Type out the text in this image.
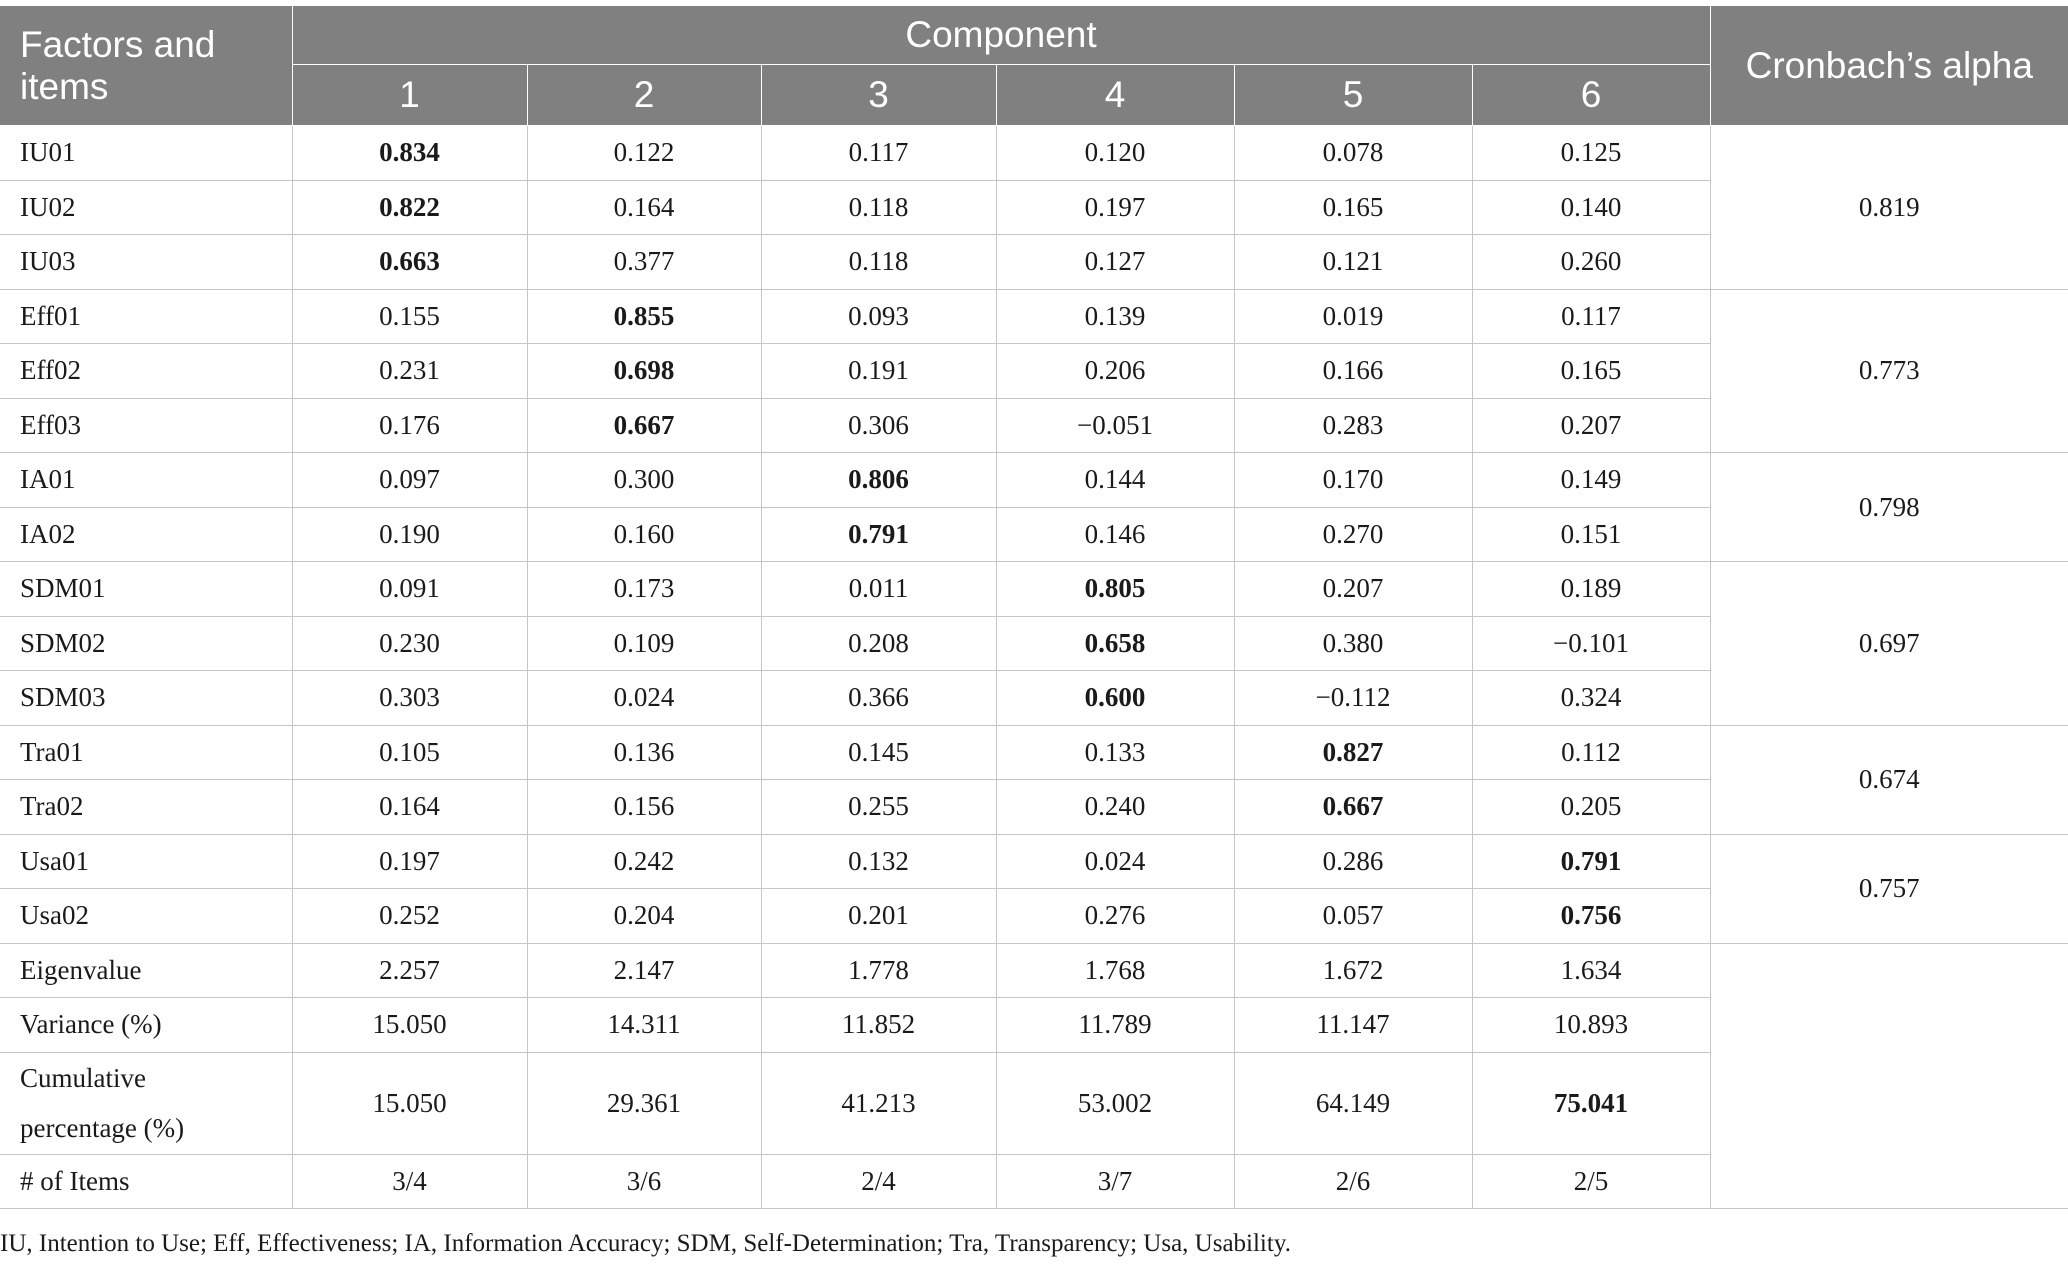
Factors and items	Component						Cronbach’s alpha
	1	2	3	4	5	6	
IU01	0.834	0.122	0.117	0.120	0.078	0.125	0.819
IU02	0.822	0.164	0.118	0.197	0.165	0.140	
IU03	0.663	0.377	0.118	0.127	0.121	0.260	
Eff01	0.155	0.855	0.093	0.139	0.019	0.117	0.773
Eff02	0.231	0.698	0.191	0.206	0.166	0.165	
Eff03	0.176	0.667	0.306	−0.051	0.283	0.207	
IA01	0.097	0.300	0.806	0.144	0.170	0.149	0.798
IA02	0.190	0.160	0.791	0.146	0.270	0.151	
SDM01	0.091	0.173	0.011	0.805	0.207	0.189	0.697
SDM02	0.230	0.109	0.208	0.658	0.380	−0.101	
SDM03	0.303	0.024	0.366	0.600	−0.112	0.324	
Tra01	0.105	0.136	0.145	0.133	0.827	0.112	0.674
Tra02	0.164	0.156	0.255	0.240	0.667	0.205	
Usa01	0.197	0.242	0.132	0.024	0.286	0.791	0.757
Usa02	0.252	0.204	0.201	0.276	0.057	0.756	
Eigenvalue	2.257	2.147	1.778	1.768	1.672	1.634	
Variance (%)	15.050	14.311	11.852	11.789	11.147	10.893	
Cumulative percentage (%)	15.050	29.361	41.213	53.002	64.149	75.041	
# of Items	3/4	3/6	2/4	3/7	2/6	2/5	
IU, Intention to Use; Eff, Effectiveness; IA, Information Accuracy; SDM, Self-Determination; Tra, Transparency; Usa, Usability.
